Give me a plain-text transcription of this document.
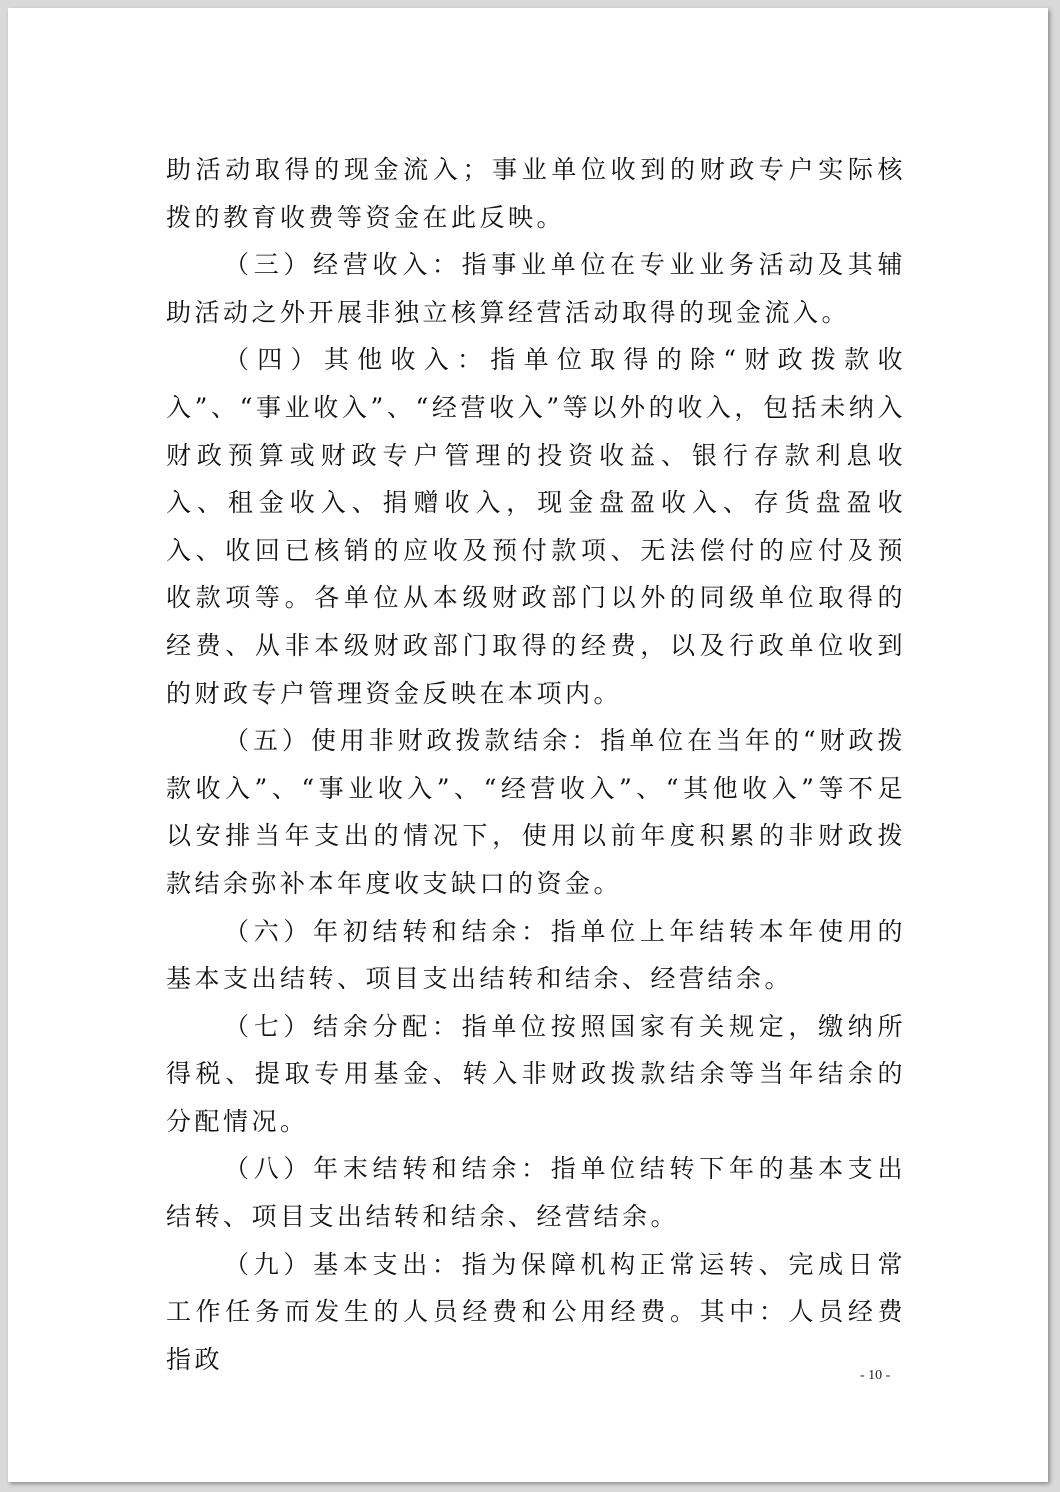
助活动取得的现金流入；事业单位收到的财政专户实际核拨的教育收费等资金在此反映。

（三）经营收入：指事业单位在专业业务活动及其辅助活动之外开展非独立核算经营活动取得的现金流入。

（四）其他收入：指单位取得的除“财政拨款收入”、“事业收入”、“经营收入”等以外的收入，包括未纳入财政预算或财政专户管理的投资收益、银行存款利息收入、租金收入、捐赠收入，现金盘盈收入、存货盘盈收入、收回已核销的应收及预付款项、无法偿付的应付及预收款项等。各单位从本级财政部门以外的同级单位取得的经费、从非本级财政部门取得的经费，以及行政单位收到的财政专户管理资金反映在本项内。

（五）使用非财政拨款结余：指单位在当年的“财政拨款收入”、“事业收入”、“经营收入”、“其他收入”等不足以安排当年支出的情况下，使用以前年度积累的非财政拨款结余弥补本年度收支缺口的资金。

（六）年初结转和结余：指单位上年结转本年使用的基本支出结转、项目支出结转和结余、经营结余。

（七）结余分配：指单位按照国家有关规定，缴纳所得税、提取专用基金、转入非财政拨款结余等当年结余的分配情况。

（八）年末结转和结余：指单位结转下年的基本支出结转、项目支出结转和结余、经营结余。

（九）基本支出：指为保障机构正常运转、完成日常工作任务而发生的人员经费和公用经费。其中：人员经费指政

- 10 -
